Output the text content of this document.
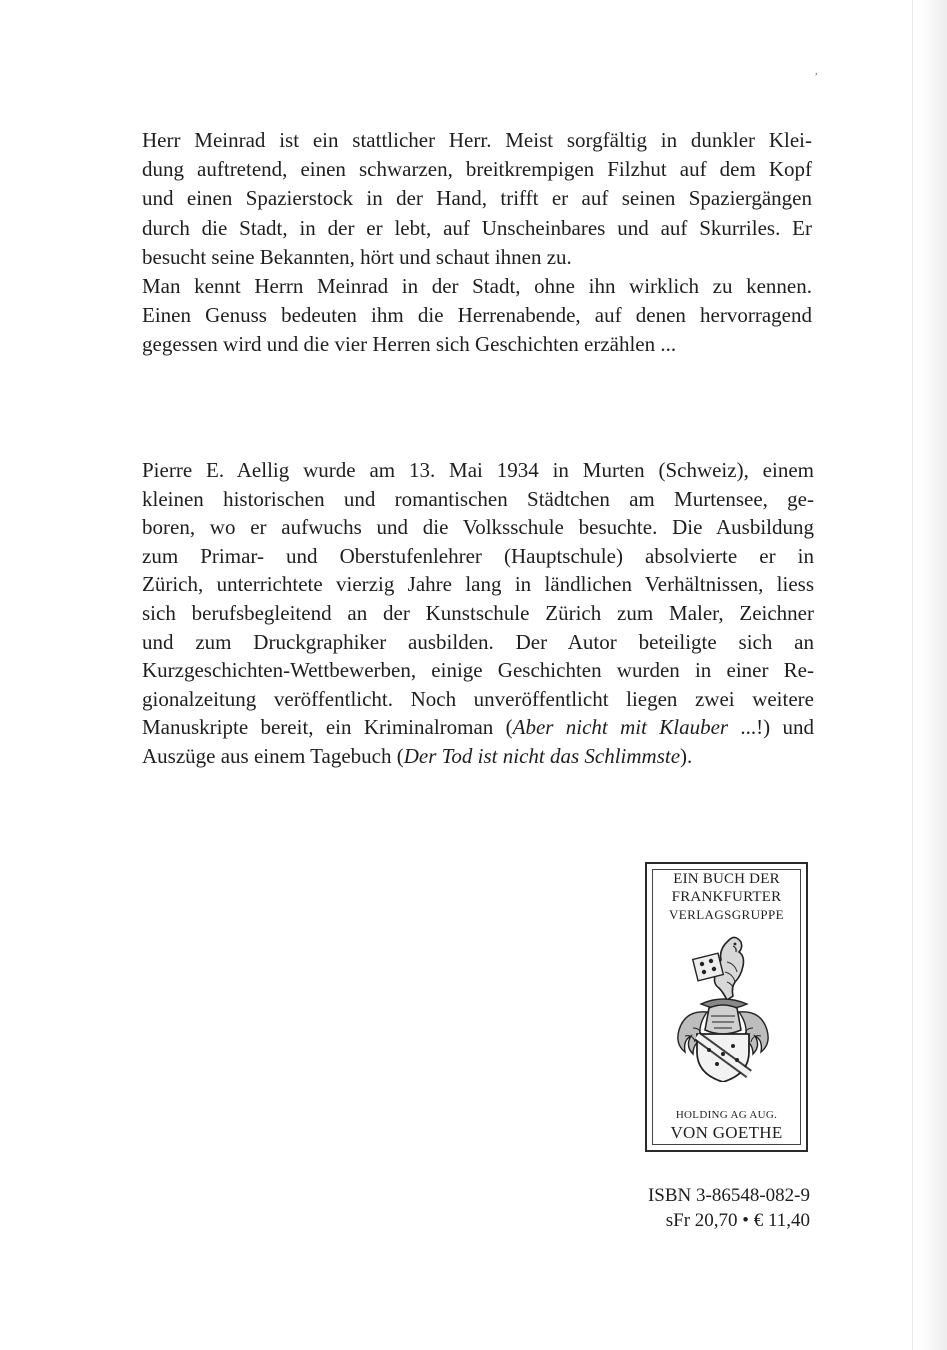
,

Herr Meinrad ist ein stattlicher Herr. Meist sorgfältig in dunkler Klei-

dung auftretend, einen schwarzen, breitkrempigen Filzhut auf dem Kopf

und einen Spazierstock in der Hand, trifft er auf seinen Spaziergängen

durch die Stadt, in der er lebt, auf Unscheinbares und auf Skurriles. Er

besucht seine Bekannten, hört und schaut ihnen zu.

Man kennt Herrn Meinrad in der Stadt, ohne ihn wirklich zu kennen.

Einen Genuss bedeuten ihm die Herrenabende, auf denen hervorragend

gegessen wird und die vier Herren sich Geschichten erzählen ...

Pierre E. Aellig wurde am 13. Mai 1934 in Murten (Schweiz), einem
kleinen historischen und romantischen Städtchen am Murtensee, ge-
boren, wo er aufwuchs und die Volksschule besuchte. Die Ausbildung
zum Primar- und Oberstufenlehrer (Hauptschule) absolvierte er in
Zürich, unterrichtete vierzig Jahre lang in ländlichen Verhältnissen, liess
sich berufsbegleitend an der Kunstschule Zürich zum Maler, Zeichner
und zum Druckgraphiker ausbilden. Der Autor beteiligte sich an
Kurzgeschichten-Wettbewerben, einige Geschichten wurden in einer Re-
gionalzeitung veröffentlicht. Noch unveröffentlicht liegen zwei weitere
Manuskripte bereit, ein Kriminalroman (Aber nicht mit Klauber ...!) und
Auszüge aus einem Tagebuch (Der Tod ist nicht das Schlimmste).

EIN BUCH DER
FRANKFURTER
VERLAGSGRUPPE
HOLDING AG AUG.
VON GOETHE
ISBN 3-86548-082-9
sFr 20,70 • € 11,40
